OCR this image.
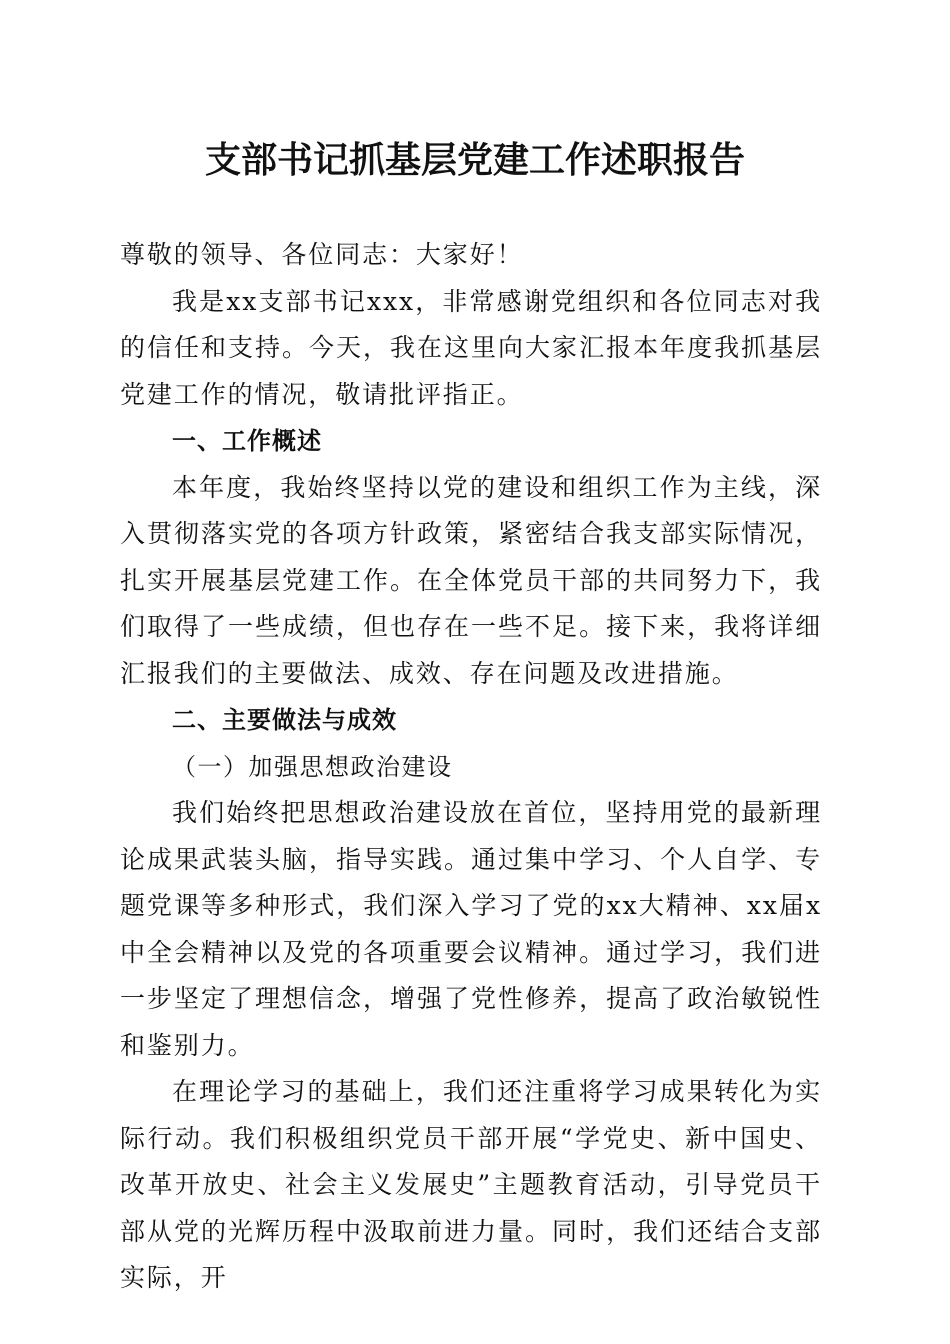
支部书记抓基层党建工作述职报告

尊敬的领导、各位同志：大家好！

我是xx支部书记xxx，非常感谢党组织和各位同志对我的信任和支持。今天，我在这里向大家汇报本年度我抓基层党建工作的情况，敬请批评指正。

一、工作概述

本年度，我始终坚持以党的建设和组织工作为主线，深入贯彻落实党的各项方针政策，紧密结合我支部实际情况，扎实开展基层党建工作。在全体党员干部的共同努力下，我们取得了一些成绩，但也存在一些不足。接下来，我将详细汇报我们的主要做法、成效、存在问题及改进措施。

二、主要做法与成效

（一）加强思想政治建设

我们始终把思想政治建设放在首位，坚持用党的最新理论成果武装头脑，指导实践。通过集中学习、个人自学、专题党课等多种形式，我们深入学习了党的xx大精神、xx届x中全会精神以及党的各项重要会议精神。通过学习，我们进一步坚定了理想信念，增强了党性修养，提高了政治敏锐性和鉴别力。

在理论学习的基础上，我们还注重将学习成果转化为实际行动。我们积极组织党员干部开展“学党史、新中国史、改革开放史、社会主义发展史”主题教育活动，引导党员干部从党的光辉历程中汲取前进力量。同时，我们还结合支部实际，开
